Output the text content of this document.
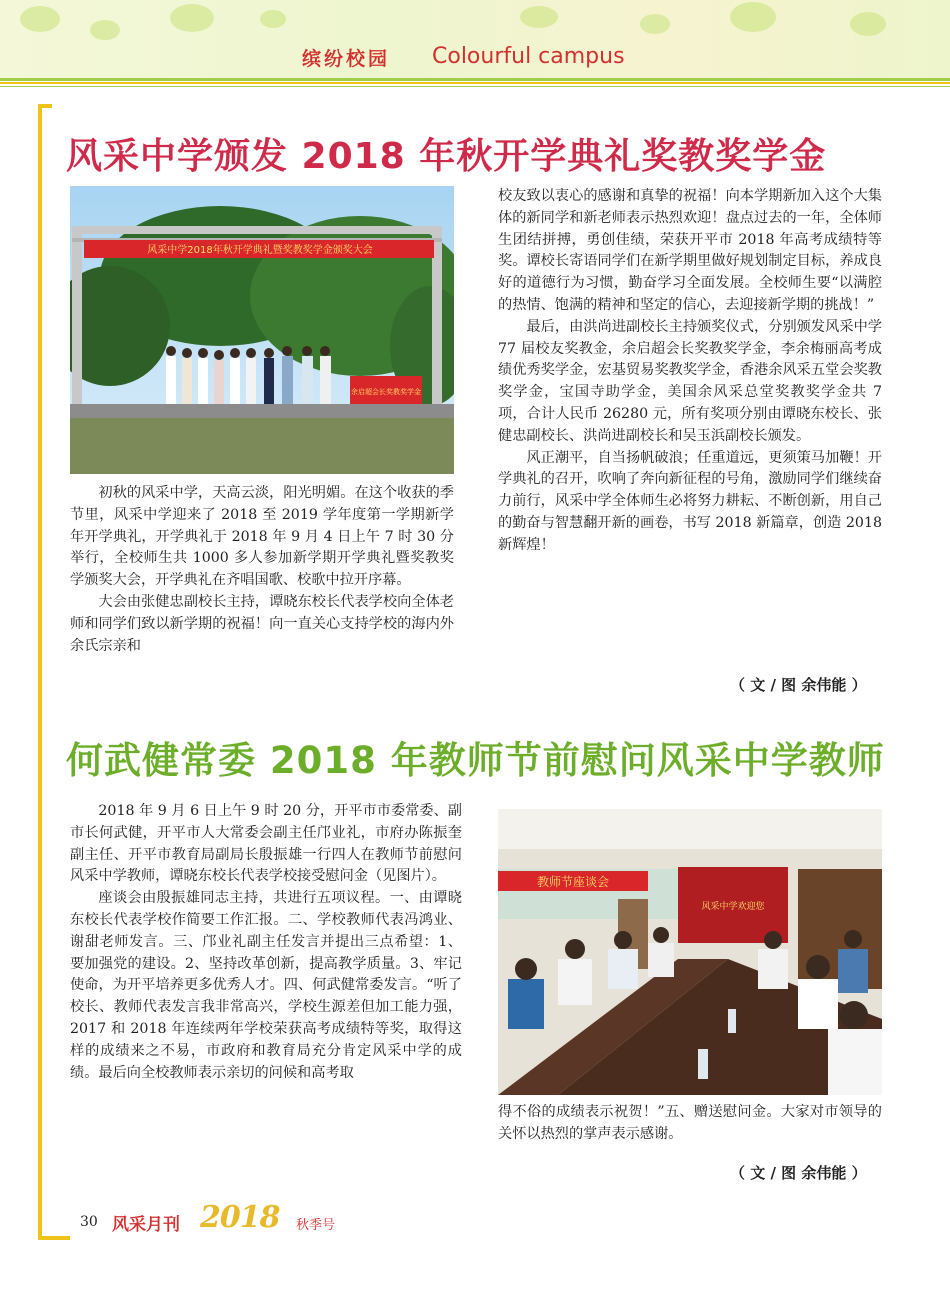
缤纷校园 Colourful campus
风采中学颁发 2018 年秋开学典礼奖教奖学金
风采中学2018年秋开学典礼暨奖教奖学金颁奖大会
余启超会长奖教奖学金

初秋的风采中学，天高云淡，阳光明媚。在这个收获的季节里，风采中学迎来了 2018 至 2019 学年度第一学期新学年开学典礼，开学典礼于 2018 年 9 月 4 日上午 7 时 30 分举行，全校师生共 1000 多人参加新学期开学典礼暨奖教奖学颁奖大会，开学典礼在齐唱国歌、校歌中拉开序幕。

大会由张健忠副校长主持，谭晓东校长代表学校向全体老师和同学们致以新学期的祝福！向一直关心支持学校的海内外余氏宗亲和

校友致以衷心的感谢和真挚的祝福！向本学期新加入这个大集体的新同学和新老师表示热烈欢迎！盘点过去的一年，全体师生团结拼搏，勇创佳绩，荣获开平市 2018 年高考成绩特等奖。谭校长寄语同学们在新学期里做好规划制定目标，养成良好的道德行为习惯，勤奋学习全面发展。全校师生要“以满腔的热情、饱满的精神和坚定的信心，去迎接新学期的挑战！”

最后，由洪尚进副校长主持颁奖仪式，分别颁发风采中学 77 届校友奖教金，余启超会长奖教奖学金，李余梅丽高考成绩优秀奖学金，宏基贸易奖教奖学金，香港余风采五堂会奖教奖学金，宝国寺助学金，美国余风采总堂奖教奖学金共 7 项，合计人民币 26280 元，所有奖项分别由谭晓东校长、张健忠副校长、洪尚进副校长和吴玉浜副校长颁发。

风正潮平，自当扬帆破浪；任重道远，更须策马加鞭！开学典礼的召开，吹响了奔向新征程的号角，激励同学们继续奋力前行，风采中学全体师生必将努力耕耘、不断创新，用自己的勤奋与智慧翻开新的画卷，书写 2018 新篇章，创造 2018 新辉煌！

（ 文 / 图 余伟能 ）
何武健常委 2018 年教师节前慰问风采中学教师

2018 年 9 月 6 日上午 9 时 20 分，开平市市委常委、副市长何武健，开平市人大常委会副主任邝业礼，市府办陈振奎副主任、开平市教育局副局长殷振雄一行四人在教师节前慰问风采中学教师，谭晓东校长代表学校接受慰问金（见图片）。

座谈会由殷振雄同志主持，共进行五项议程。一、由谭晓东校长代表学校作简要工作汇报。二、学校教师代表冯鸿业、谢甜老师发言。三、邝业礼副主任发言并提出三点希望：1、要加强党的建设。2、坚持改革创新，提高教学质量。3、牢记使命，为开平培养更多优秀人才。四、何武健常委发言。“听了校长、教师代表发言我非常高兴，学校生源差但加工能力强，2017 和 2018 年连续两年学校荣获高考成绩特等奖，取得这样的成绩来之不易，市政府和教育局充分肯定风采中学的成绩。最后向全校教师表示亲切的问候和高考取

教师节座谈会
风采中学欢迎您

得不俗的成绩表示祝贺！”五、赠送慰问金。大家对市领导的关怀以热烈的掌声表示感谢。

（ 文 / 图 余伟能 ）
30 风采月刊 2018 秋季号
